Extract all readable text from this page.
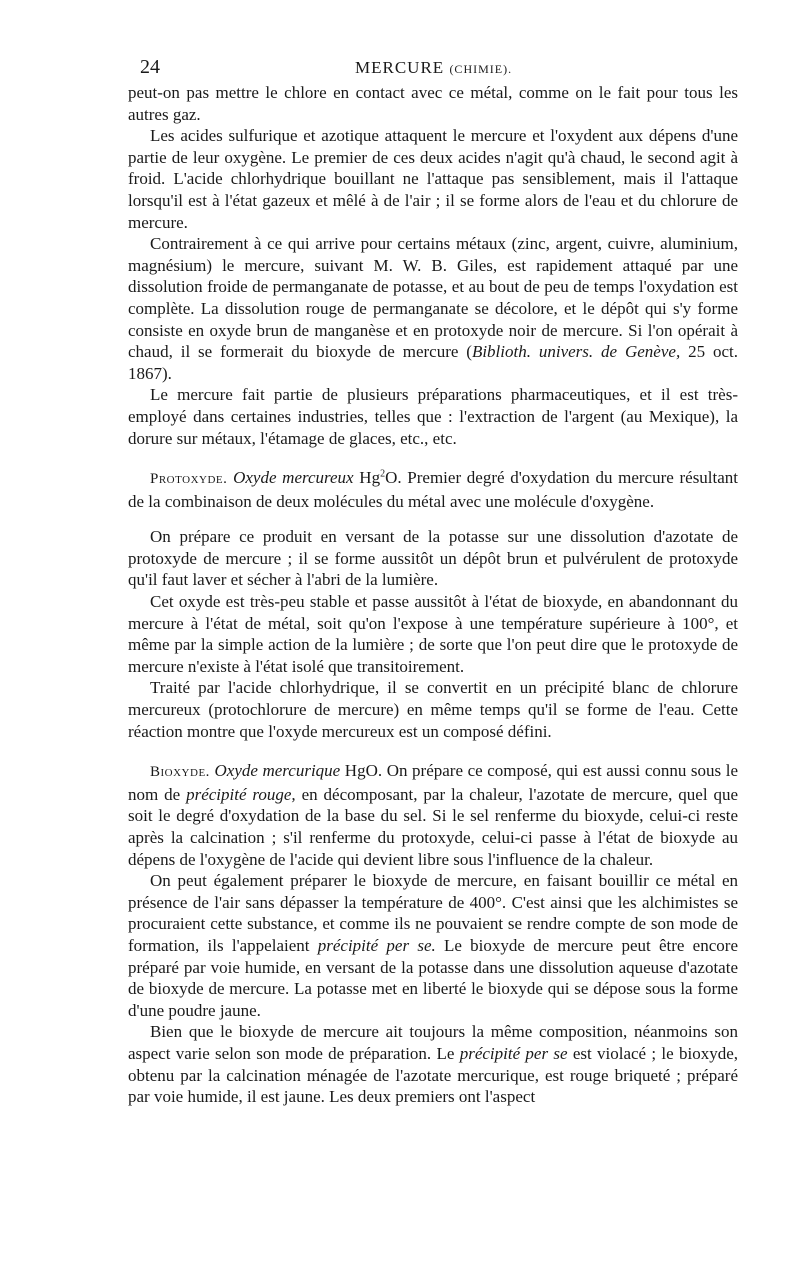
24	MERCURE (CHIMIE).

peut-on pas mettre le chlore en contact avec ce métal, comme on le fait pour tous les autres gaz.

Les acides sulfurique et azotique attaquent le mercure et l'oxydent aux dépens d'une partie de leur oxygène. Le premier de ces deux acides n'agit qu'à chaud, le second agit à froid. L'acide chlorhydrique bouillant ne l'attaque pas sensiblement, mais il l'attaque lorsqu'il est à l'état gazeux et mêlé à de l'air ; il se forme alors de l'eau et du chlorure de mercure.

Contrairement à ce qui arrive pour certains métaux (zinc, argent, cuivre, aluminium, magnésium) le mercure, suivant M. W. B. Giles, est rapidement attaqué par une dissolution froide de permanganate de potasse, et au bout de peu de temps l'oxydation est complète. La dissolution rouge de permanganate se décolore, et le dépôt qui s'y forme consiste en oxyde brun de manganèse et en protoxyde noir de mercure. Si l'on opérait à chaud, il se formerait du bioxyde de mercure (Biblioth. univers. de Genève, 25 oct. 1867).

Le mercure fait partie de plusieurs préparations pharmaceutiques, et il est très-employé dans certaines industries, telles que : l'extraction de l'argent (au Mexique), la dorure sur métaux, l'étamage de glaces, etc., etc.

Protoxyde. Oxyde mercureux Hg$^2$O. Premier degré d'oxydation du mercure résultant de la combinaison de deux molécules du métal avec une molécule d'oxygène.

On prépare ce produit en versant de la potasse sur une dissolution d'azotate de protoxyde de mercure ; il se forme aussitôt un dépôt brun et pulvérulent de protoxyde qu'il faut laver et sécher à l'abri de la lumière.

Cet oxyde est très-peu stable et passe aussitôt à l'état de bioxyde, en abandonnant du mercure à l'état de métal, soit qu'on l'expose à une température supérieure à 100°, et même par la simple action de la lumière ; de sorte que l'on peut dire que le protoxyde de mercure n'existe à l'état isolé que transitoirement.

Traité par l'acide chlorhydrique, il se convertit en un précipité blanc de chlorure mercureux (protochlorure de mercure) en même temps qu'il se forme de l'eau. Cette réaction montre que l'oxyde mercureux est un composé défini.

Bioxyde. Oxyde mercurique HgO. On prépare ce composé, qui est aussi connu sous le nom de précipité rouge, en décomposant, par la chaleur, l'azotate de mercure, quel que soit le degré d'oxydation de la base du sel. Si le sel renferme du bioxyde, celui-ci reste après la calcination ; s'il renferme du protoxyde, celui-ci passe à l'état de bioxyde au dépens de l'oxygène de l'acide qui devient libre sous l'influence de la chaleur.

On peut également préparer le bioxyde de mercure, en faisant bouillir ce métal en présence de l'air sans dépasser la température de 400°. C'est ainsi que les alchimistes se procuraient cette substance, et comme ils ne pouvaient se rendre compte de son mode de formation, ils l'appelaient précipité per se. Le bioxyde de mercure peut être encore préparé par voie humide, en versant de la potasse dans une dissolution aqueuse d'azotate de bioxyde de mercure. La potasse met en liberté le bioxyde qui se dépose sous la forme d'une poudre jaune.

Bien que le bioxyde de mercure ait toujours la même composition, néanmoins son aspect varie selon son mode de préparation. Le précipité per se est violacé ; le bioxyde, obtenu par la calcination ménagée de l'azotate mercurique, est rouge briqueté ; préparé par voie humide, il est jaune. Les deux premiers ont l'aspect
